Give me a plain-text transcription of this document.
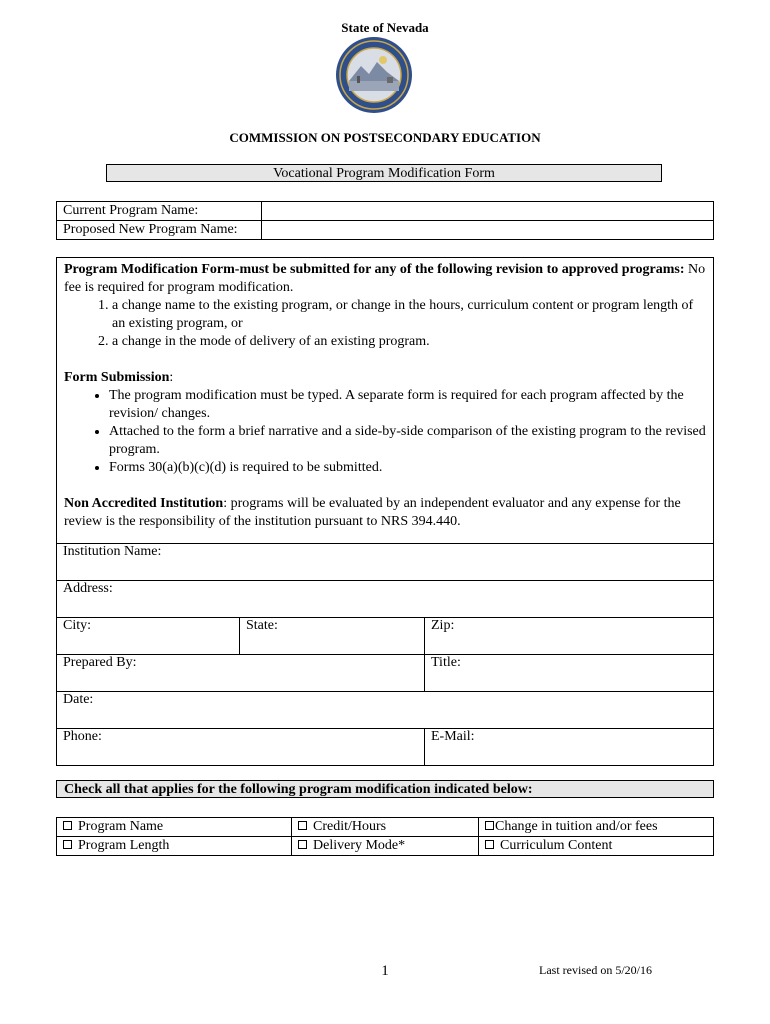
State of Nevada
COMMISSION ON POSTSECONDARY EDUCATION
Vocational Program Modification Form
Current Program Name:	
Proposed New Program Name:	

Program Modification Form-must be submitted for any of the following revision to approved programs: No fee is required for program modification.

1. a change name to the existing program, or change in the hours, curriculum content or program length of an existing program, or
2. a change in the mode of delivery of an existing program.

Form Submission:

• The program modification must be typed. A separate form is required for each program affected by the revision/ changes.
• Attached to the form a brief narrative and a side-by-side comparison of the existing program to the revised program.
• Forms 30(a)(b)(c)(d) is required to be submitted.

Non Accredited Institution: programs will be evaluated by an independent evaluator and any expense for the review is the responsibility of the institution pursuant to NRS 394.440.

Institution Name:		
Address:		
City:	State:	Zip:
Prepared By:		Title:
Date:		
Phone:		E-Mail:
Check all that applies for the following program modification indicated below:
Program Name	Credit/Hours	Change in tuition and/or fees
Program Length	Delivery Mode*	Curriculum Content
1	Last revised on 5/20/16
